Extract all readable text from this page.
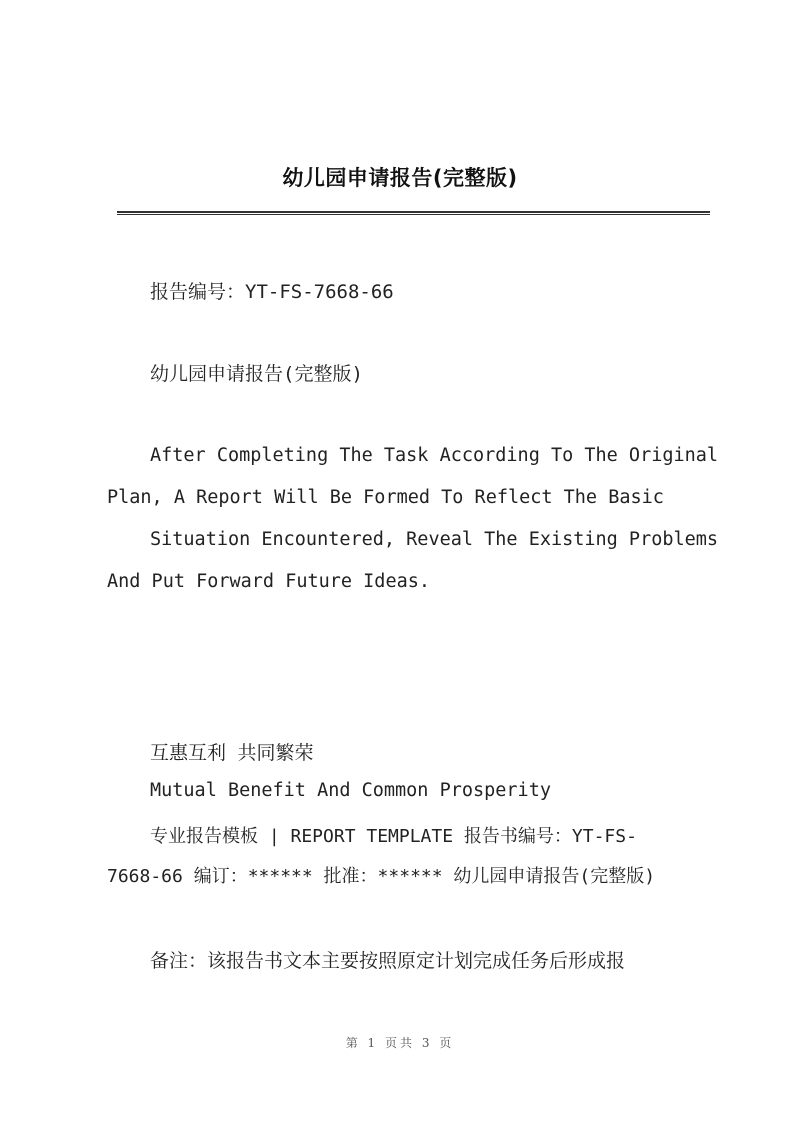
幼儿园申请报告(完整版)
报告编号：YT-FS-7668-66
幼儿园申请报告(完整版)
After Completing The Task According To The Original
Plan, A Report Will Be Formed To Reflect The Basic
Situation Encountered, Reveal The Existing Problems
And Put Forward Future Ideas.
互惠互利 共同繁荣
Mutual Benefit And Common Prosperity
专业报告模板 | REPORT TEMPLATE 报告书编号：YT-FS-
7668-66 编订：****** 批准：****** 幼儿园申请报告(完整版)
备注：该报告书文本主要按照原定计划完成任务后形成报
第 1 页共 3 页
